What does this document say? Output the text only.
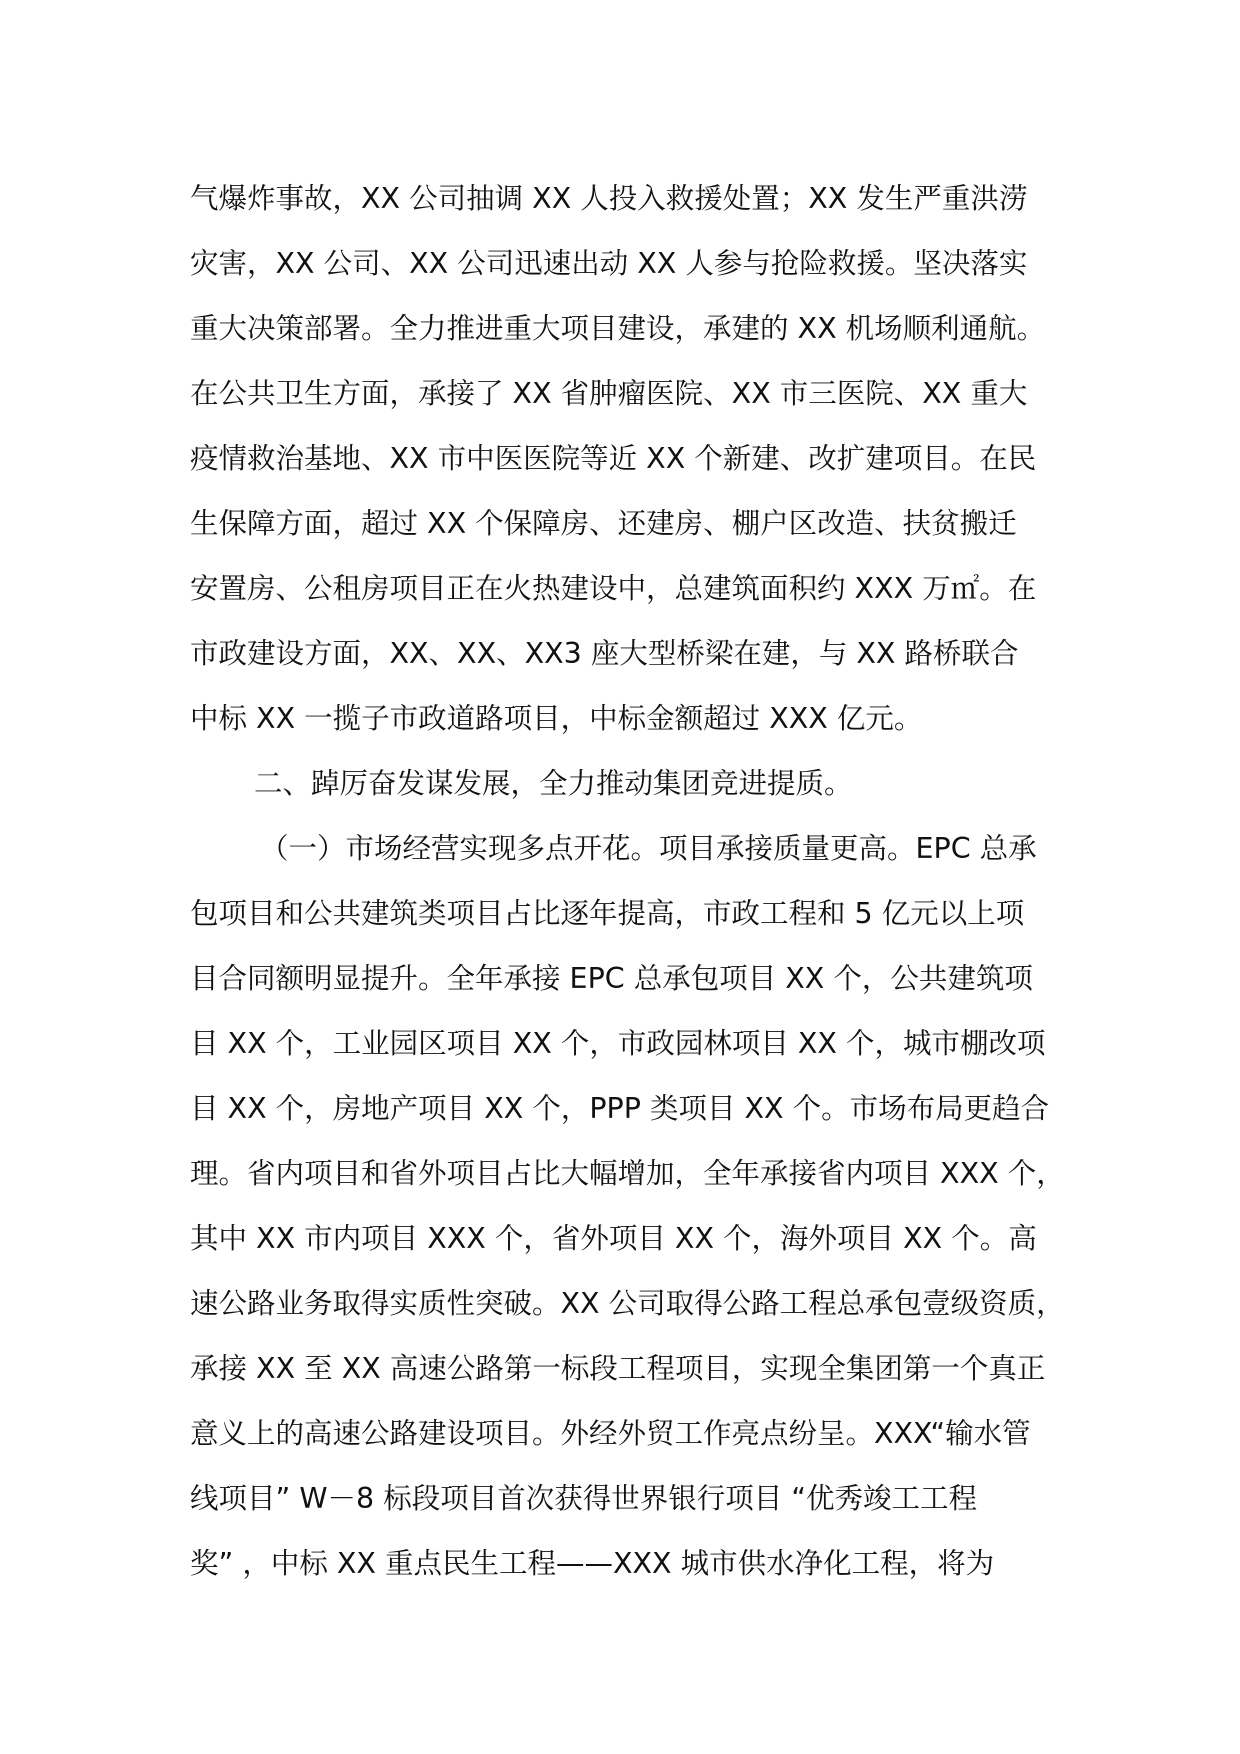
气爆炸事故，XX 公司抽调 XX 人投入救援处置；XX 发生严重洪涝
灾害，XX 公司、XX 公司迅速出动 XX 人参与抢险救援。坚决落实
重大决策部署。全力推进重大项目建设，承建的 XX 机场顺利通航。
在公共卫生方面，承接了 XX 省肿瘤医院、XX 市三医院、XX 重大
疫情救治基地、XX 市中医医院等近 XX 个新建、改扩建项目。在民
生保障方面，超过 XX 个保障房、还建房、棚户区改造、扶贫搬迁
安置房、公租房项目正在火热建设中，总建筑面积约 XXX 万㎡。在
市政建设方面，XX、XX、XX3 座大型桥梁在建，与 XX 路桥联合
中标 XX 一揽子市政道路项目，中标金额超过 XXX 亿元。
二、踔厉奋发谋发展，全力推动集团竞进提质。
（一）市场经营实现多点开花。项目承接质量更高。EPC 总承
包项目和公共建筑类项目占比逐年提高，市政工程和 5 亿元以上项
目合同额明显提升。全年承接 EPC 总承包项目 XX 个，公共建筑项
目 XX 个，工业园区项目 XX 个，市政园林项目 XX 个，城市棚改项
目 XX 个，房地产项目 XX 个，PPP 类项目 XX 个。市场布局更趋合
理。省内项目和省外项目占比大幅增加，全年承接省内项目 XXX 个，
其中 XX 市内项目 XXX 个，省外项目 XX 个，海外项目 XX 个。高
速公路业务取得实质性突破。XX 公司取得公路工程总承包壹级资质，
承接 XX 至 XX 高速公路第一标段工程项目，实现全集团第一个真正
意义上的高速公路建设项目。外经外贸工作亮点纷呈。XXX“输水管
线项目” W－8 标段项目首次获得世界银行项目 “优秀竣工工程
奖” ，中标 XX 重点民生工程——XXX 城市供水净化工程，将为
